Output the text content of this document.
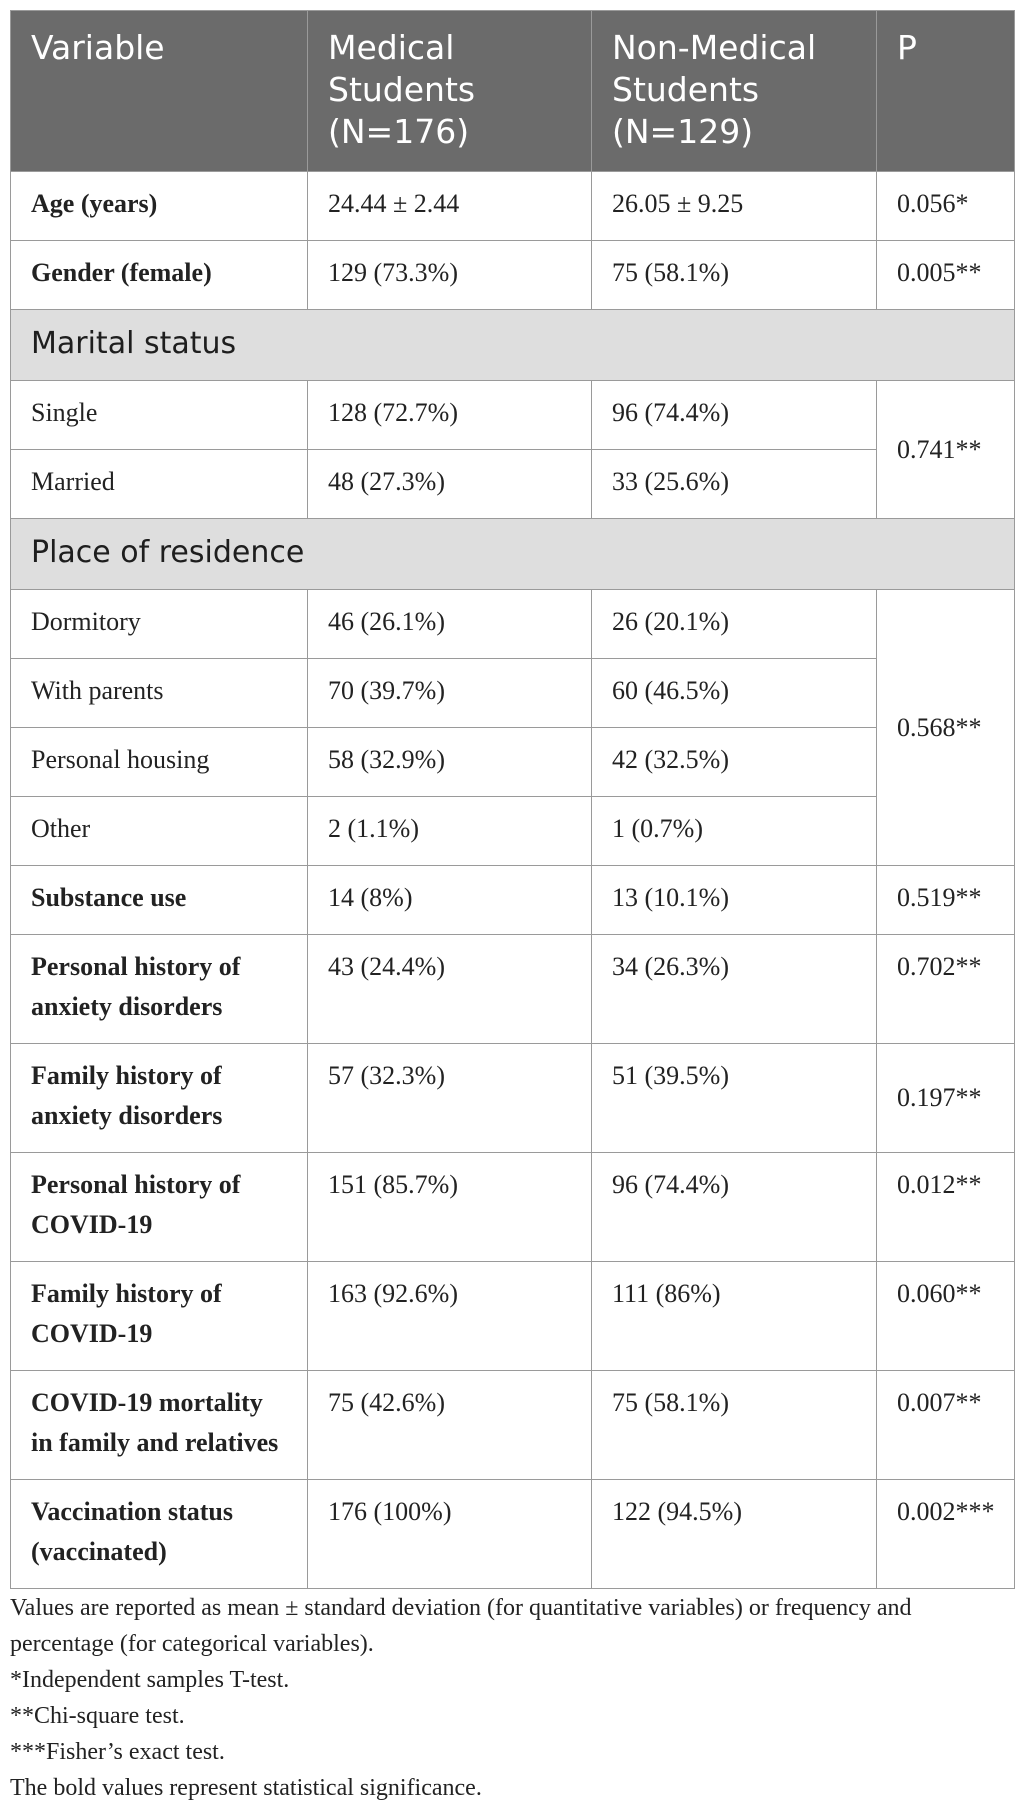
Variable	Medical Students (N=176)	Non-Medical Students (N=129)	P
Age (years)	24.44 ± 2.44	26.05 ± 9.25	0.056*
Gender (female)	129 (73.3%)	75 (58.1%)	0.005**
Marital status			
Single	128 (72.7%)	96 (74.4%)	0.741**
Married	48 (27.3%)	33 (25.6%)	
Place of residence			
Dormitory	46 (26.1%)	26 (20.1%)	0.568**
With parents	70 (39.7%)	60 (46.5%)	
Personal housing	58 (32.9%)	42 (32.5%)	
Other	2 (1.1%)	1 (0.7%)	
Substance use	14 (8%)	13 (10.1%)	0.519**
Personal history of anxiety disorders	43 (24.4%)	34 (26.3%)	0.702**
Family history of anxiety disorders	57 (32.3%)	51 (39.5%)	0.197**
Personal history of COVID-19	151 (85.7%)	96 (74.4%)	0.012**
Family history of COVID-19	163 (92.6%)	111 (86%)	0.060**
COVID-19 mortality in family and relatives	75 (42.6%)	75 (58.1%)	0.007**
Vaccination status (vaccinated)	176 (100%)	122 (94.5%)	0.002***

Values are reported as mean ± standard deviation (for quantitative variables) or frequency and percentage (for categorical variables).

*Independent samples T-test.

**Chi-square test.

***Fisher’s exact test.

The bold values represent statistical significance.
